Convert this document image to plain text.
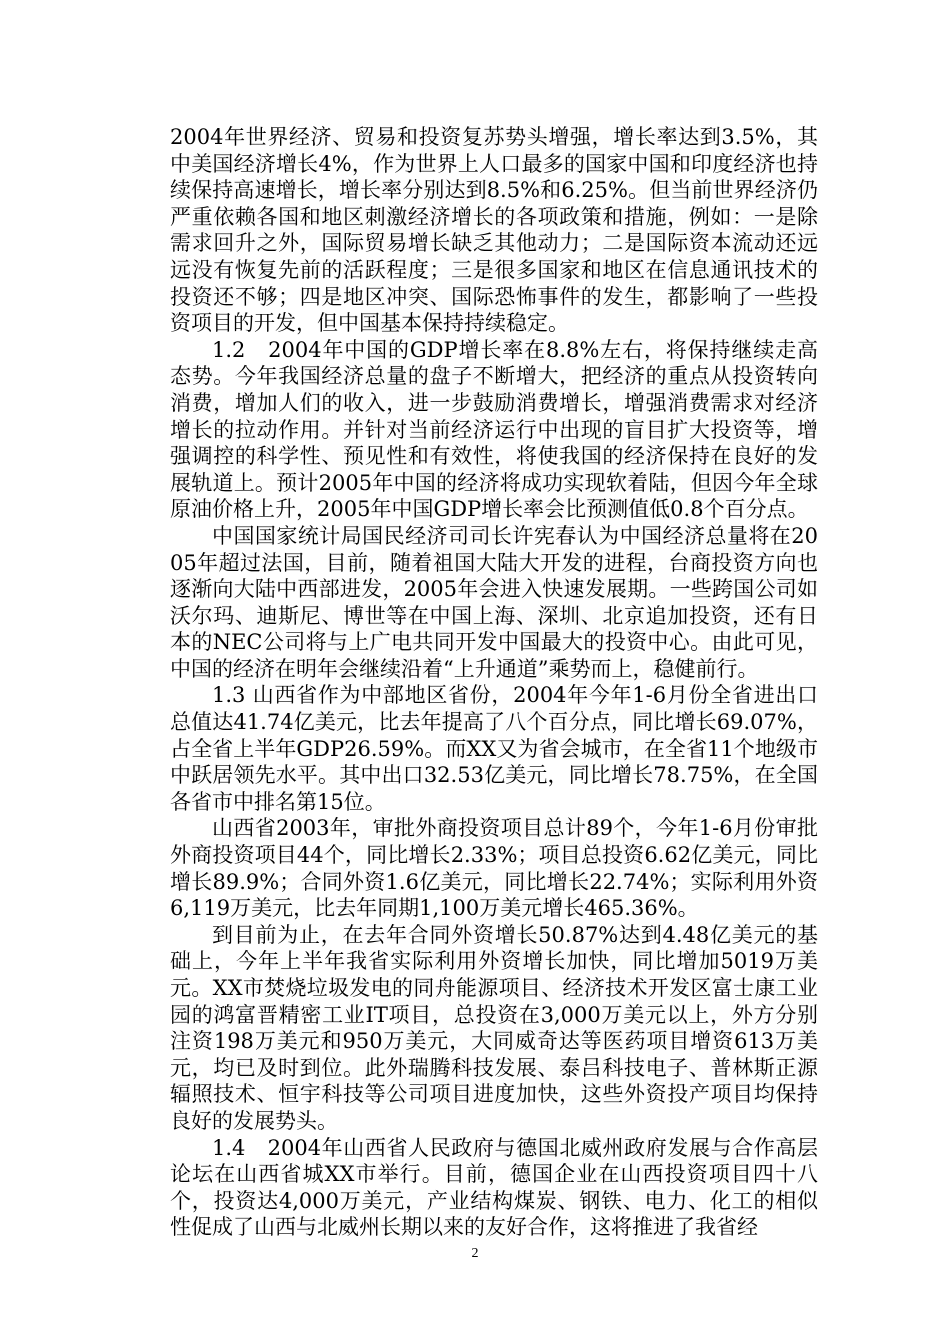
2004年世界经济、贸易和投资复苏势头增强，增长率达到3.5%，其中美国经济增长4%，作为世界上人口最多的国家中国和印度经济也持续保持高速增长，增长率分别达到8.5%和6.25%。但当前世界经济仍严重依赖各国和地区刺激经济增长的各项政策和措施，例如：一是除需求回升之外，国际贸易增长缺乏其他动力；二是国际资本流动还远远没有恢复先前的活跃程度；三是很多国家和地区在信息通讯技术的投资还不够；四是地区冲突、国际恐怖事件的发生，都影响了一些投资项目的开发，但中国基本保持持续稳定。

1.2　2004年中国的GDP增长率在8.8%左右，将保持继续走高态势。今年我国经济总量的盘子不断增大，把经济的重点从投资转向消费，增加人们的收入，进一步鼓励消费增长，增强消费需求对经济增长的拉动作用。并针对当前经济运行中出现的盲目扩大投资等，增强调控的科学性、预见性和有效性，将使我国的经济保持在良好的发展轨道上。预计2005年中国的经济将成功实现软着陆，但因今年全球原油价格上升，2005年中国GDP增长率会比预测值低0.8个百分点。

中国国家统计局国民经济司司长许宪春认为中国经济总量将在2005年超过法国，目前，随着祖国大陆大开发的进程，台商投资方向也逐渐向大陆中西部进发，2005年会进入快速发展期。一些跨国公司如沃尔玛、迪斯尼、博世等在中国上海、深圳、北京追加投资，还有日本的NEC公司将与上广电共同开发中国最大的投资中心。由此可见，中国的经济在明年会继续沿着“上升通道”乘势而上，稳健前行。

1.3 山西省作为中部地区省份，2004年今年1-6月份全省进出口总值达41.74亿美元，比去年提高了八个百分点，同比增长69.07%，占全省上半年GDP26.59%。而XX又为省会城市，在全省11个地级市中跃居领先水平。其中出口32.53亿美元，同比增长78.75%，在全国各省市中排名第15位。

山西省2003年，审批外商投资项目总计89个，今年1-6月份审批外商投资项目44个，同比增长2.33%；项目总投资6.62亿美元，同比增长89.9%；合同外资1.6亿美元，同比增长22.74%；实际利用外资6,119万美元，比去年同期1,100万美元增长465.36%。

到目前为止，在去年合同外资增长50.87%达到4.48亿美元的基础上，今年上半年我省实际利用外资增长加快，同比增加5019万美元。XX市焚烧垃圾发电的同舟能源项目、经济技术开发区富士康工业园的鸿富晋精密工业IT项目，总投资在3,000万美元以上，外方分别注资198万美元和950万美元，大同威奇达等医药项目增资613万美元，均已及时到位。此外瑞腾科技发展、泰吕科技电子、普林斯正源辐照技术、恒宇科技等公司项目进度加快，这些外资投产项目均保持良好的发展势头。

1.4　2004年山西省人民政府与德国北威州政府发展与合作高层论坛在山西省城XX市举行。目前，德国企业在山西投资项目四十八个，投资达4,000万美元，产业结构煤炭、钢铁、电力、化工的相似性促成了山西与北威州长期以来的友好合作，这将推进了我省经

2
